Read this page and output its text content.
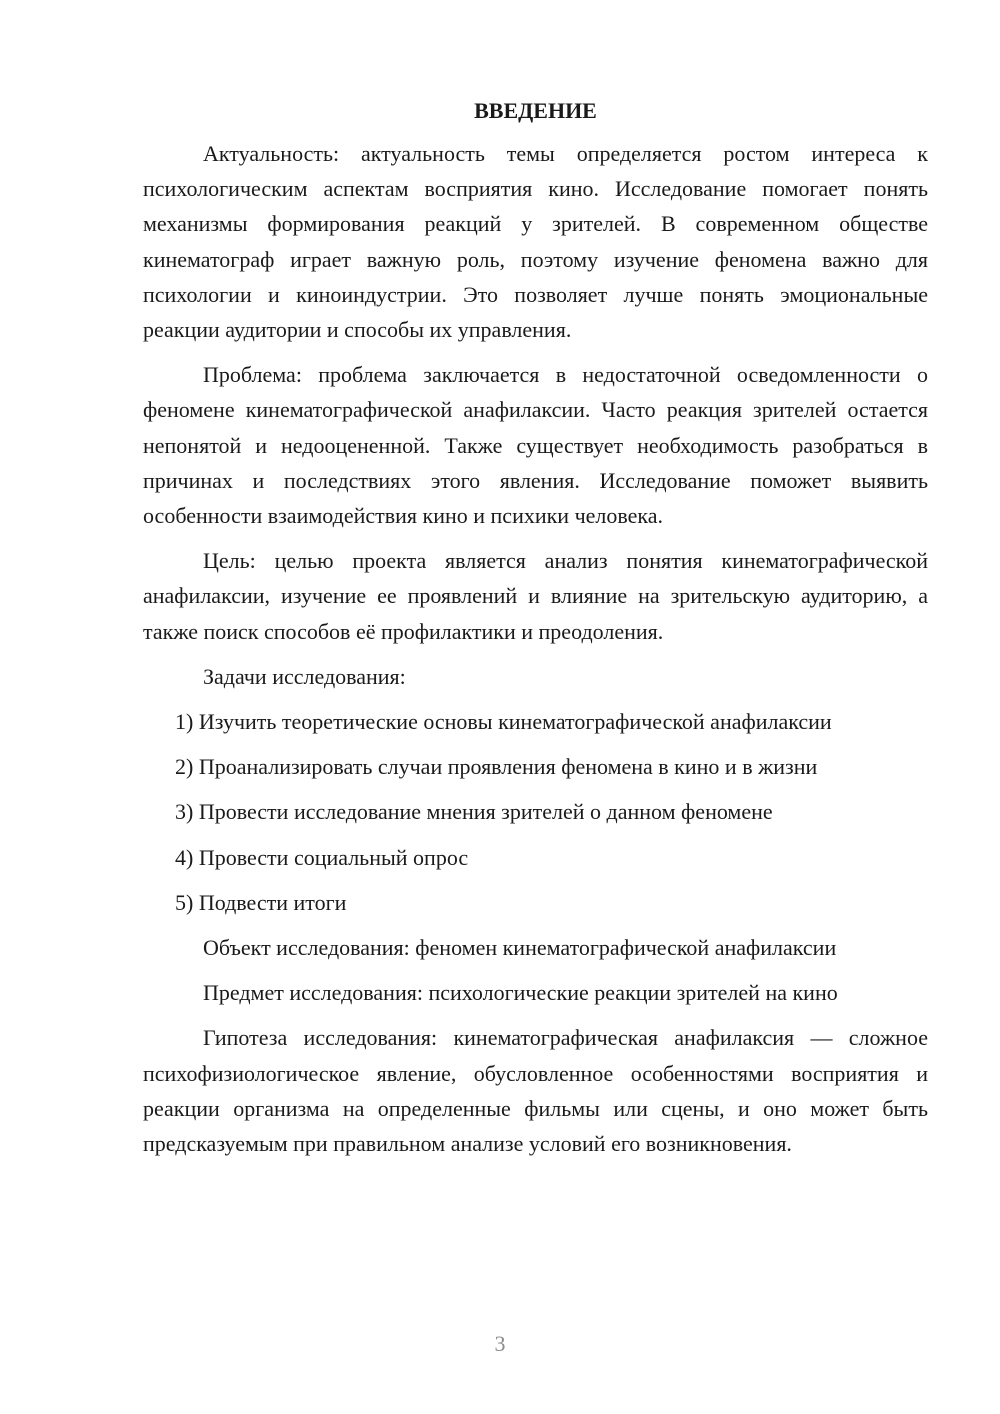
ВВЕДЕНИЕ

Актуальность: актуальность темы определяется ростом интереса к психологическим аспектам восприятия кино. Исследование помогает понять механизмы формирования реакций у зрителей. В современном обществе кинематограф играет важную роль, поэтому изучение феномена важно для психологии и киноиндустрии. Это позволяет лучше понять эмоциональные реакции аудитории и способы их управления.

Проблема: проблема заключается в недостаточной осведомленности о феномене кинематографической анафилаксии. Часто реакция зрителей остается непонятой и недооцененной. Также существует необходимость разобраться в причинах и последствиях этого явления. Исследование поможет выявить особенности взаимодействия кино и психики человека.

Цель: целью проекта является анализ понятия кинематографической анафилаксии, изучение ее проявлений и влияние на зрительскую аудиторию, а также поиск способов её профилактики и преодоления.

Задачи исследования:

1) Изучить теоретические основы кинематографической анафилаксии
2) Проанализировать случаи проявления феномена в кино и в жизни
3) Провести исследование мнения зрителей о данном феномене
4) Провести социальный опрос
5) Подвести итоги

Объект исследования: феномен кинематографической анафилаксии

Предмет исследования: психологические реакции зрителей на кино

Гипотеза исследования: кинематографическая анафилаксия — сложное психофизиологическое явление, обусловленное особенностями восприятия и реакции организма на определенные фильмы или сцены, и оно может быть предсказуемым при правильном анализе условий его возникновения.

3
